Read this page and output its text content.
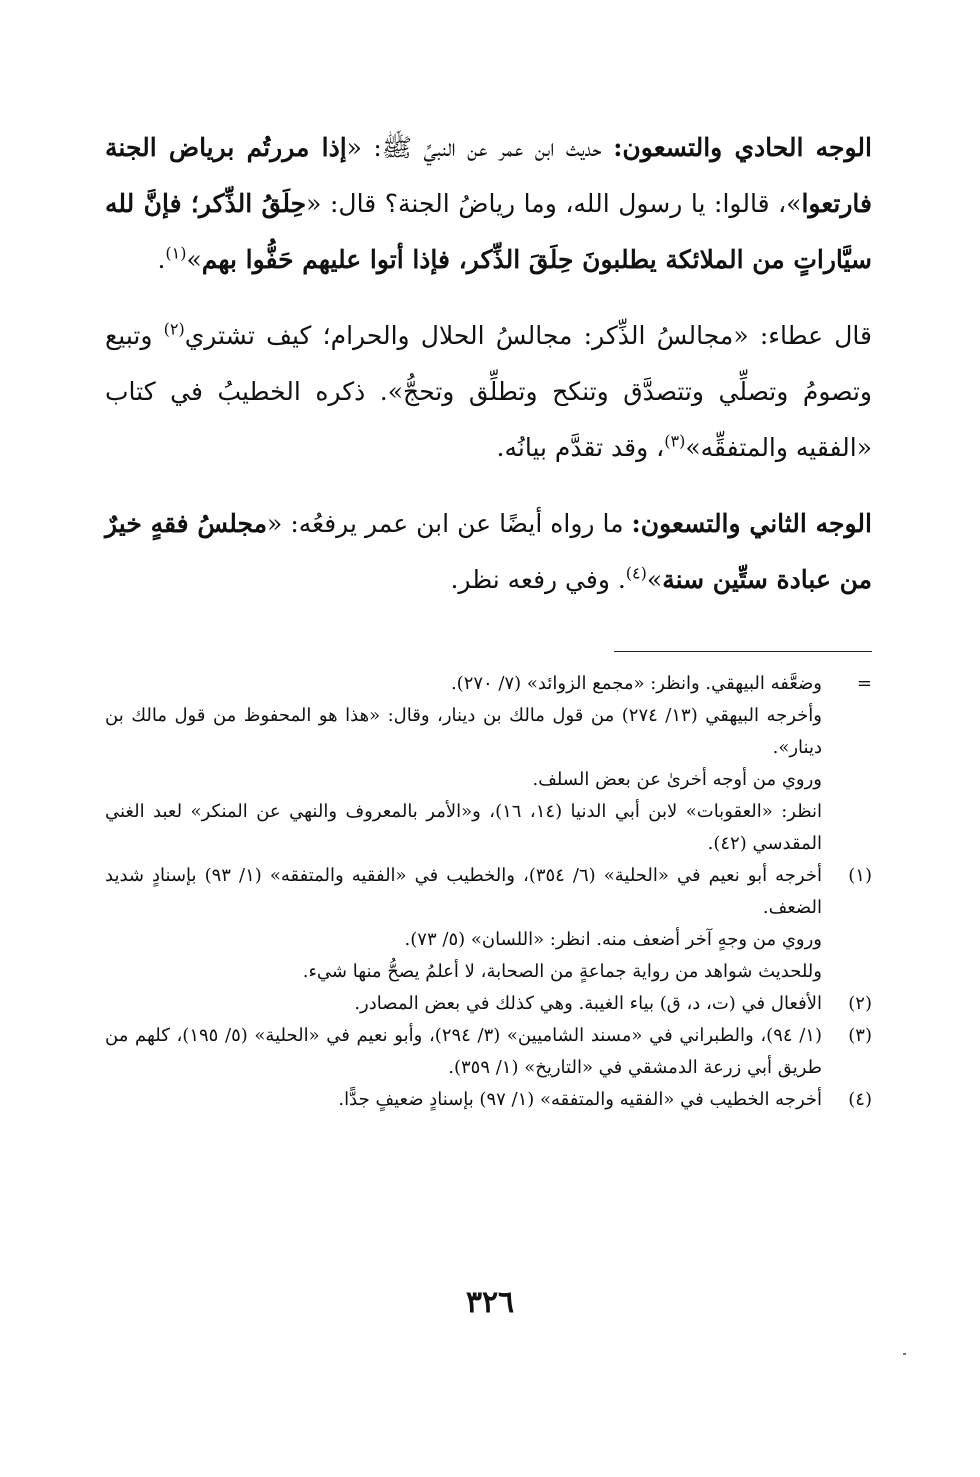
الوجه الحادي والتسعون: حديث ابن عمر عن النبيِّ ﷺ: «إذا مررتُم برياض الجنة فارتعوا»، قالوا: يا رسول الله، وما رياضُ الجنة؟ قال: «حِلَقُ الذِّكر؛ فإنَّ لله سيَّاراتٍ من الملائكة يطلبونَ حِلَقَ الذِّكر، فإذا أتوا عليهم حَفُّوا بهم»$^{(١)}$.

قال عطاء: «مجالسُ الذِّكر: مجالسُ الحلال والحرام؛ كيف تشتري$^{(٢)}$ وتبيع وتصومُ وتصلِّي وتتصدَّق وتنكح وتطلِّق وتحجُّ». ذكره الخطيبُ في كتاب «الفقيه والمتفقِّه»$^{(٣)}$، وقد تقدَّم بيانُه.

الوجه الثاني والتسعون: ما رواه أيضًا عن ابن عمر يرفعُه: «مجلسُ فقهٍ خيرٌ من عبادة ستِّين سنة»$^{(٤)}$. وفي رفعه نظر.

=
وضعَّفه البيهقي. وانظر: «مجمع الزوائد» (٧/ ٢٧٠).
وأخرجه البيهقي (١٣/ ٢٧٤) من قول مالك بن دينار، وقال: «هذا هو المحفوظ من قول مالك بن دينار».
وروي من أوجه أخرىٰ عن بعض السلف.
انظر: «العقوبات» لابن أبي الدنيا (١٤، ١٦)، و«الأمر بالمعروف والنهي عن المنكر» لعبد الغني المقدسي (٤٢).
(١)
أخرجه أبو نعيم في «الحلية» (٦/ ٣٥٤)، والخطيب في «الفقيه والمتفقه» (١/ ٩٣) بإسنادٍ شديد الضعف.
وروي من وجهٍ آخر أضعف منه. انظر: «اللسان» (٥/ ٧٣).
وللحديث شواهد من رواية جماعةٍ من الصحابة، لا أعلمُ يصحُّ منها شيء.
(٢)
الأفعال في (ت، د، ق) بياء الغيبة. وهي كذلك في بعض المصادر.
(٣)
(١/ ٩٤)، والطبراني في «مسند الشاميين» (٣/ ٢٩٤)، وأبو نعيم في «الحلية» (٥/ ١٩٥)، كلهم من طريق أبي زرعة الدمشقي في «التاريخ» (١/ ٣٥٩).
(٤)
أخرجه الخطيب في «الفقيه والمتفقه» (١/ ٩٧) بإسنادٍ ضعيفٍ جدًّا.
٣٢٦
